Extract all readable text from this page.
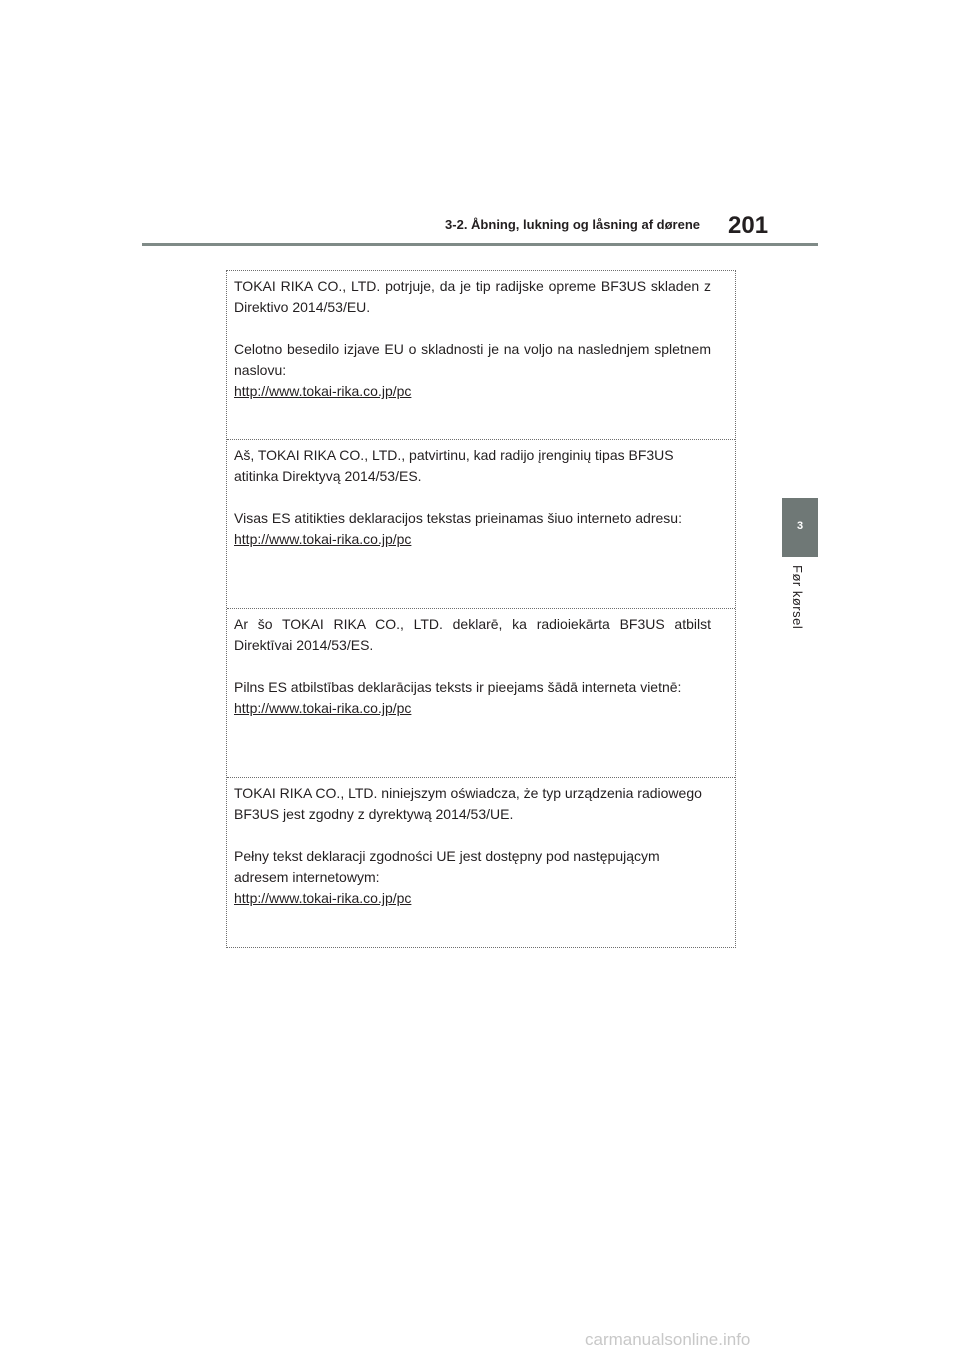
3-2. Åbning, lukning og låsning af dørene 201
3
Før kørsel

TOKAI RIKA CO., LTD. potrjuje, da je tip radijske opreme BF3US skladen z Direktivo 2014/53/EU.

Celotno besedilo izjave EU o skladnosti je na voljo na naslednjem spletnem naslovu:

http://www.tokai-rika.co.jp/pc

Aš, TOKAI RIKA CO., LTD., patvirtinu, kad radijo įrenginių tipas BF3US atitinka Direktyvą 2014/53/ES.

Visas ES atitikties deklaracijos tekstas prieinamas šiuo interneto adresu:

http://www.tokai-rika.co.jp/pc

Ar šo TOKAI RIKA CO., LTD. deklarē, ka radioiekārta BF3US atbilst Direktīvai 2014/53/ES.

Pilns ES atbilstības deklarācijas teksts ir pieejams šādā interneta vietnē:

http://www.tokai-rika.co.jp/pc

TOKAI RIKA CO., LTD. niniejszym oświadcza, że typ urządzenia radiowego BF3US jest zgodny z dyrektywą 2014/53/UE.

Pełny tekst deklaracji zgodności UE jest dostępny pod następującym adresem internetowym:

http://www.tokai-rika.co.jp/pc

carmanualsonline.info
